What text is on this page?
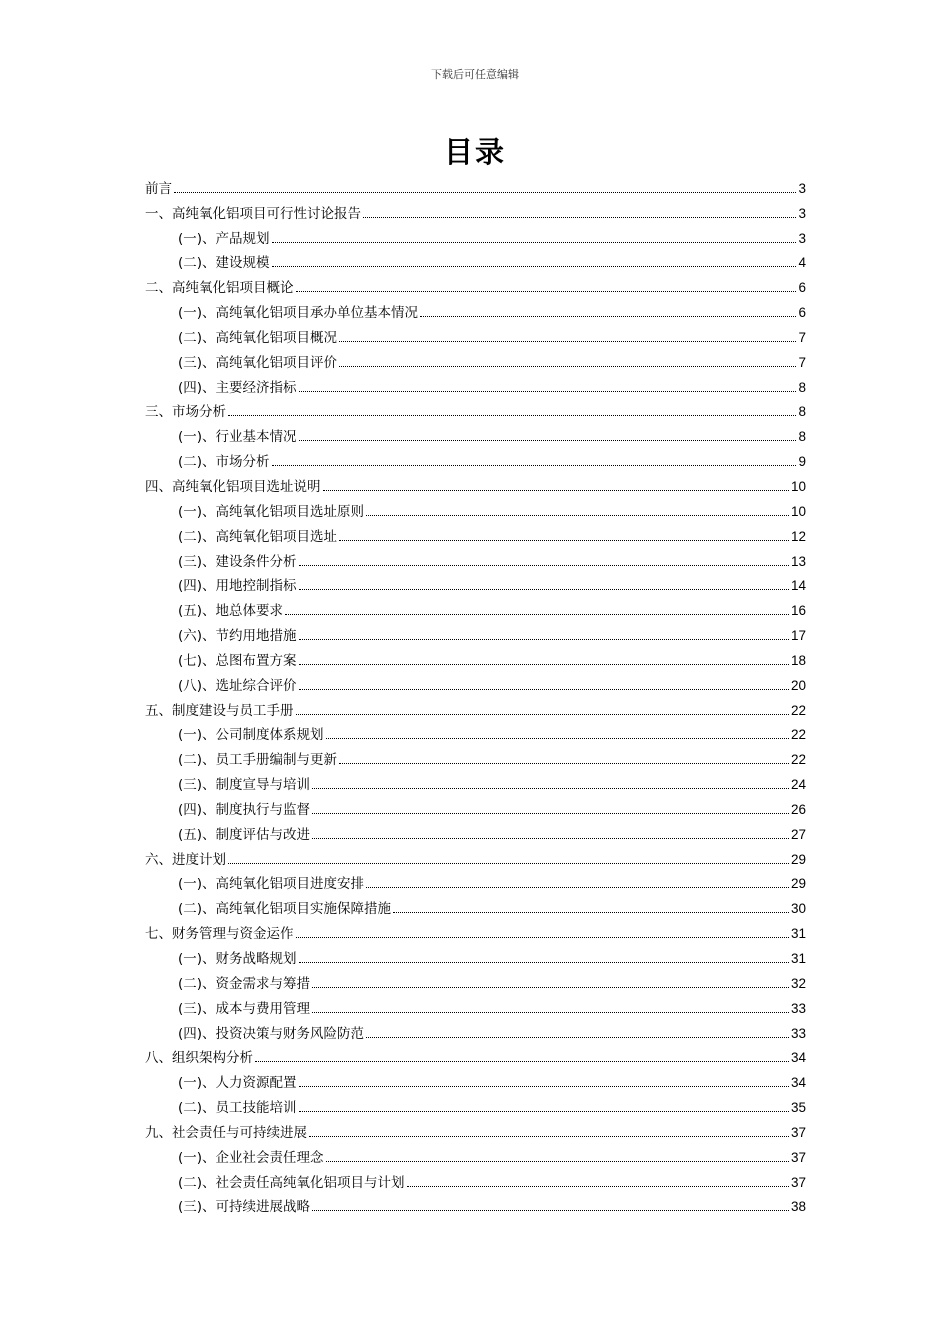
下载后可任意编辑
目录
前言	3
一、高纯氧化铝项目可行性讨论报告	3
(一)、产品规划	3
(二)、建设规模	4
二、高纯氧化铝项目概论	6
(一)、高纯氧化铝项目承办单位基本情况	6
(二)、高纯氧化铝项目概况	7
(三)、高纯氧化铝项目评价	7
(四)、主要经济指标	8
三、市场分析	8
(一)、行业基本情况	8
(二)、市场分析	9
四、高纯氧化铝项目选址说明	10
(一)、高纯氧化铝项目选址原则	10
(二)、高纯氧化铝项目选址	12
(三)、建设条件分析	13
(四)、用地控制指标	14
(五)、地总体要求	16
(六)、节约用地措施	17
(七)、总图布置方案	18
(八)、选址综合评价	20
五、制度建设与员工手册	22
(一)、公司制度体系规划	22
(二)、员工手册编制与更新	22
(三)、制度宣导与培训	24
(四)、制度执行与监督	26
(五)、制度评估与改进	27
六、进度计划	29
(一)、高纯氧化铝项目进度安排	29
(二)、高纯氧化铝项目实施保障措施	30
七、财务管理与资金运作	31
(一)、财务战略规划	31
(二)、资金需求与筹措	32
(三)、成本与费用管理	33
(四)、投资决策与财务风险防范	33
八、组织架构分析	34
(一)、人力资源配置	34
(二)、员工技能培训	35
九、社会责任与可持续进展	37
(一)、企业社会责任理念	37
(二)、社会责任高纯氧化铝项目与计划	37
(三)、可持续进展战略	38
